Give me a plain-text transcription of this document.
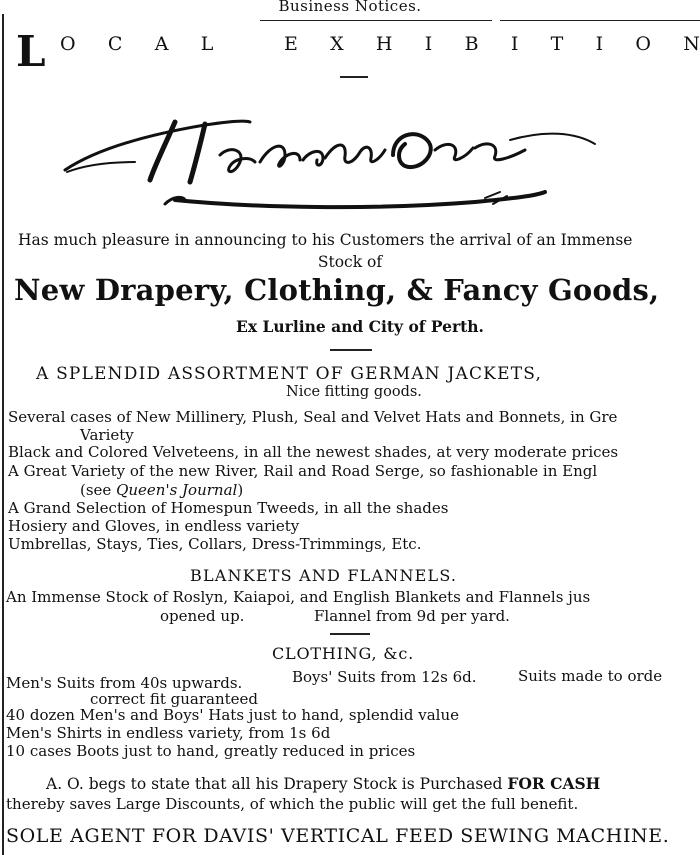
Business Notices.
L O C A L
	E X H I B I T I O N
Has much pleasure in announcing to his Customers the arrival of an Immense
Stock of
New Drapery, Clothing, & Fancy Goods,
Ex Lurline and City of Perth.
A SPLENDID ASSORTMENT OF GERMAN JACKETS,
Nice fitting goods.
Several cases of New Millinery, Plush, Seal and Velvet Hats and Bonnets, in Gre
Variety
Black and Colored Velveteens, in all the newest shades, at very moderate prices
A Great Variety of the new River, Rail and Road Serge, so fashionable in Engl
(see Queen's Journal)
A Grand Selection of Homespun Tweeds, in all the shades
Hosiery and Gloves, in endless variety
Umbrellas, Stays, Ties, Collars, Dress-Trimmings, Etc.
BLANKETS AND FLANNELS.
An Immense Stock of Roslyn, Kaiapoi, and English Blankets and Flannels jus
opened up.	Flannel from 9d per yard.
CLOTHING, &c.
Men's Suits from 40s upwards.	Boys' Suits from 12s 6d.	Suits made to orde
correct fit guaranteed
40 dozen Men's and Boys' Hats just to hand, splendid value
Men's Shirts in endless variety, from 1s 6d
10 cases Boots just to hand, greatly reduced in prices
A. O. begs to state that all his Drapery Stock is Purchased FOR CASH
thereby saves Large Discounts, of which the public will get the full benefit.
SOLE AGENT FOR DAVIS' VERTICAL FEED SEWING MACHINE.
